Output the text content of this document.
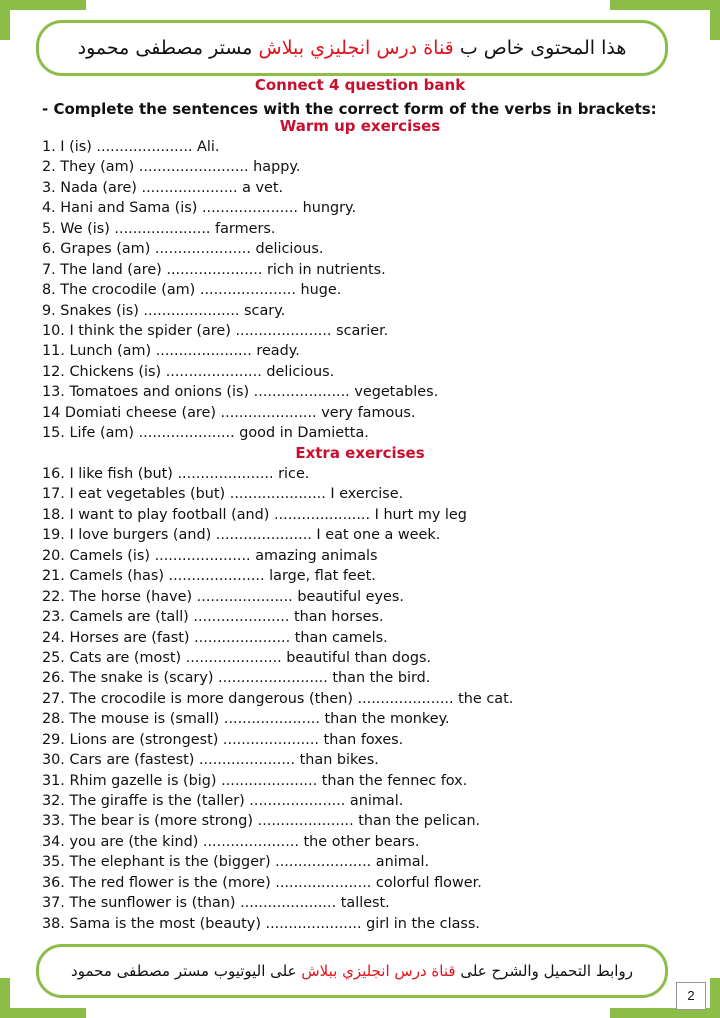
هذا المحتوى خاص ب قناة درس انجليزي ببلاش مستر مصطفى محمود
Connect 4 question bank
- Complete the sentences with the correct form of the verbs in brackets:
Warm up exercises
1. I (is) ..................... Ali.
2. They (am) ........................ happy.
3. Nada (are) ..................... a vet.
4. Hani and Sama (is) ..................... hungry.
5. We (is) ..................... farmers.
6. Grapes (am) ..................... delicious.
7. The land (are) ..................... rich in nutrients.
8. The crocodile (am) ..................... huge.
9. Snakes (is) ..................... scary.
10. I think the spider (are) ..................... scarier.
11. Lunch (am) ..................... ready.
12. Chickens (is) ..................... delicious.
13. Tomatoes and onions (is) ..................... vegetables.
14 Domiati cheese (are) ..................... very famous.
15. Life (am) ..................... good in Damietta.
Extra exercises
16. I like fish (but) ..................... rice.
17. I eat vegetables (but) ..................... I exercise.
18. I want to play football (and) ..................... I hurt my leg
19. I love burgers (and) ..................... I eat one a week.
20. Camels (is) ..................... amazing animals
21. Camels (has) ..................... large, flat feet.
22. The horse (have) ..................... beautiful eyes.
23. Camels are (tall) ..................... than horses.
24. Horses are (fast) ..................... than camels.
25. Cats are (most) ..................... beautiful than dogs.
26. The snake is (scary) ........................ than the bird.
27. The crocodile is more dangerous (then) ..................... the cat.
28. The mouse is (small) ..................... than the monkey.
29. Lions are (strongest) ..................... than foxes.
30. Cars are (fastest) ..................... than bikes.
31. Rhim gazelle is (big) ..................... than the fennec fox.
32. The giraffe is the (taller) ..................... animal.
33. The bear is (more strong) ..................... than the pelican.
34. you are (the kind) ..................... the other bears.
35. The elephant is the (bigger) ..................... animal.
36. The red flower is the (more) ..................... colorful flower.
37. The sunflower is (than) ..................... tallest.
38. Sama is the most (beauty) ..................... girl in the class.
روابط التحميل والشرح على قناة درس انجليزي ببلاش على اليوتيوب مستر مصطفى محمود
2
